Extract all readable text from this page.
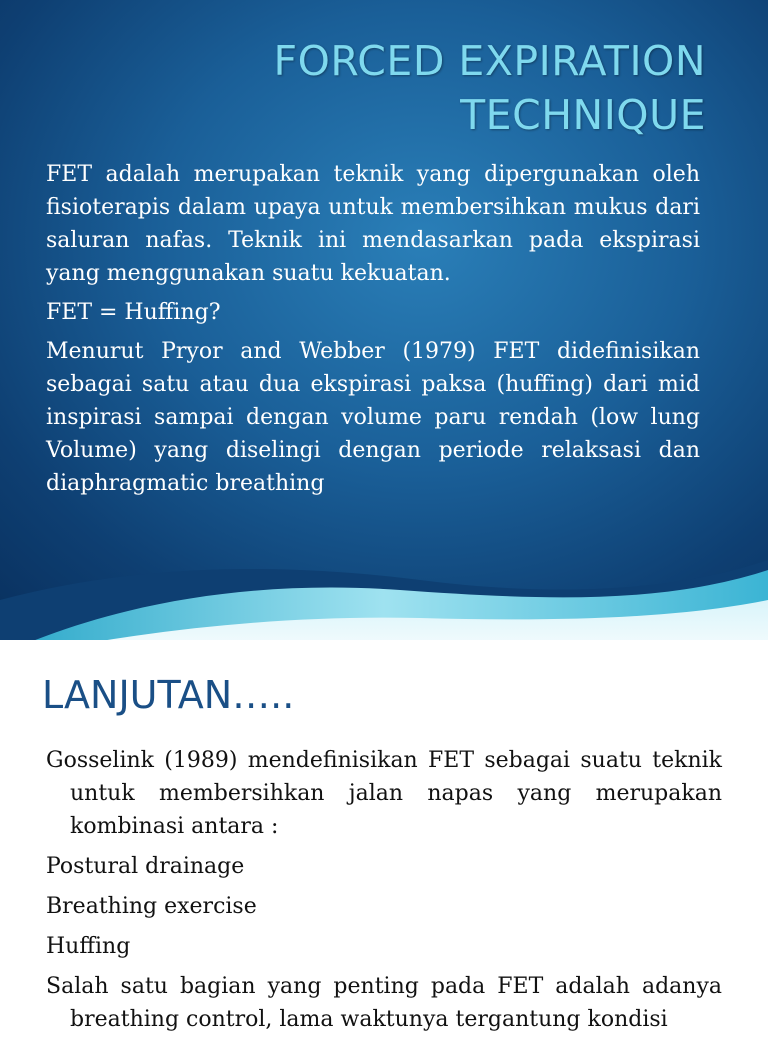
FORCED EXPIRATION
TECHNIQUE

FET adalah merupakan teknik yang dipergunakan oleh fisioterapis dalam upaya untuk membersihkan mukus dari saluran nafas. Teknik ini mendasarkan pada ekspirasi yang menggunakan suatu kekuatan.

FET = Huffing?

Menurut Pryor and Webber (1979) FET didefinisikan sebagai satu atau dua ekspirasi paksa (huffing) dari mid inspirasi sampai dengan volume paru rendah (low lung Volume) yang diselingi dengan periode relaksasi dan diaphragmatic breathing

LANJUTAN…..

Gosselink (1989) mendefinisikan FET sebagai suatu teknik untuk membersihkan jalan napas yang merupakan kombinasi antara :

Postural drainage

Breathing exercise

Huffing

Salah satu bagian yang penting pada FET adalah adanya breathing control, lama waktunya tergantung kondisi
